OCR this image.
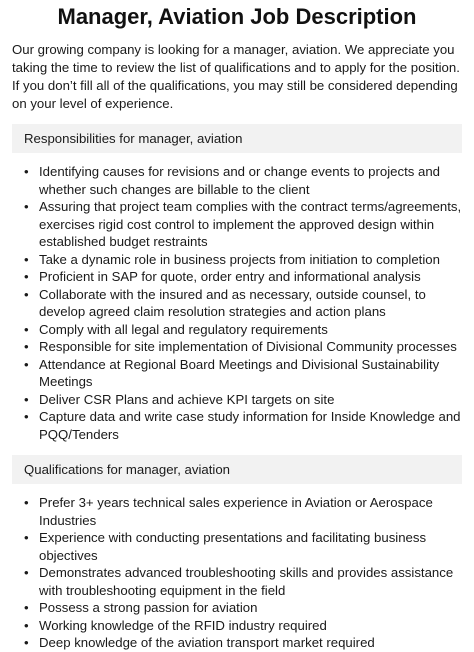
Manager, Aviation Job Description

Our growing company is looking for a manager, aviation. We appreciate you taking the time to review the list of qualifications and to apply for the position. If you don’t fill all of the qualifications, you may still be considered depending on your level of experience.

Responsibilities for manager, aviation
• Identifying causes for revisions and or change events to projects and whether such changes are billable to the client
• Assuring that project team complies with the contract terms/agreements, exercises rigid cost control to implement the approved design within established budget restraints
• Take a dynamic role in business projects from initiation to completion
• Proficient in SAP for quote, order entry and informational analysis
• Collaborate with the insured and as necessary, outside counsel, to develop agreed claim resolution strategies and action plans
• Comply with all legal and regulatory requirements
• Responsible for site implementation of Divisional Community processes
• Attendance at Regional Board Meetings and Divisional Sustainability Meetings
• Deliver CSR Plans and achieve KPI targets on site
• Capture data and write case study information for Inside Knowledge and PQQ/Tenders
Qualifications for manager, aviation
• Prefer 3+ years technical sales experience in Aviation or Aerospace Industries
• Experience with conducting presentations and facilitating business objectives
• Demonstrates advanced troubleshooting skills and provides assistance with troubleshooting equipment in the field
• Possess a strong passion for aviation
• Working knowledge of the RFID industry required
• Deep knowledge of the aviation transport market required
